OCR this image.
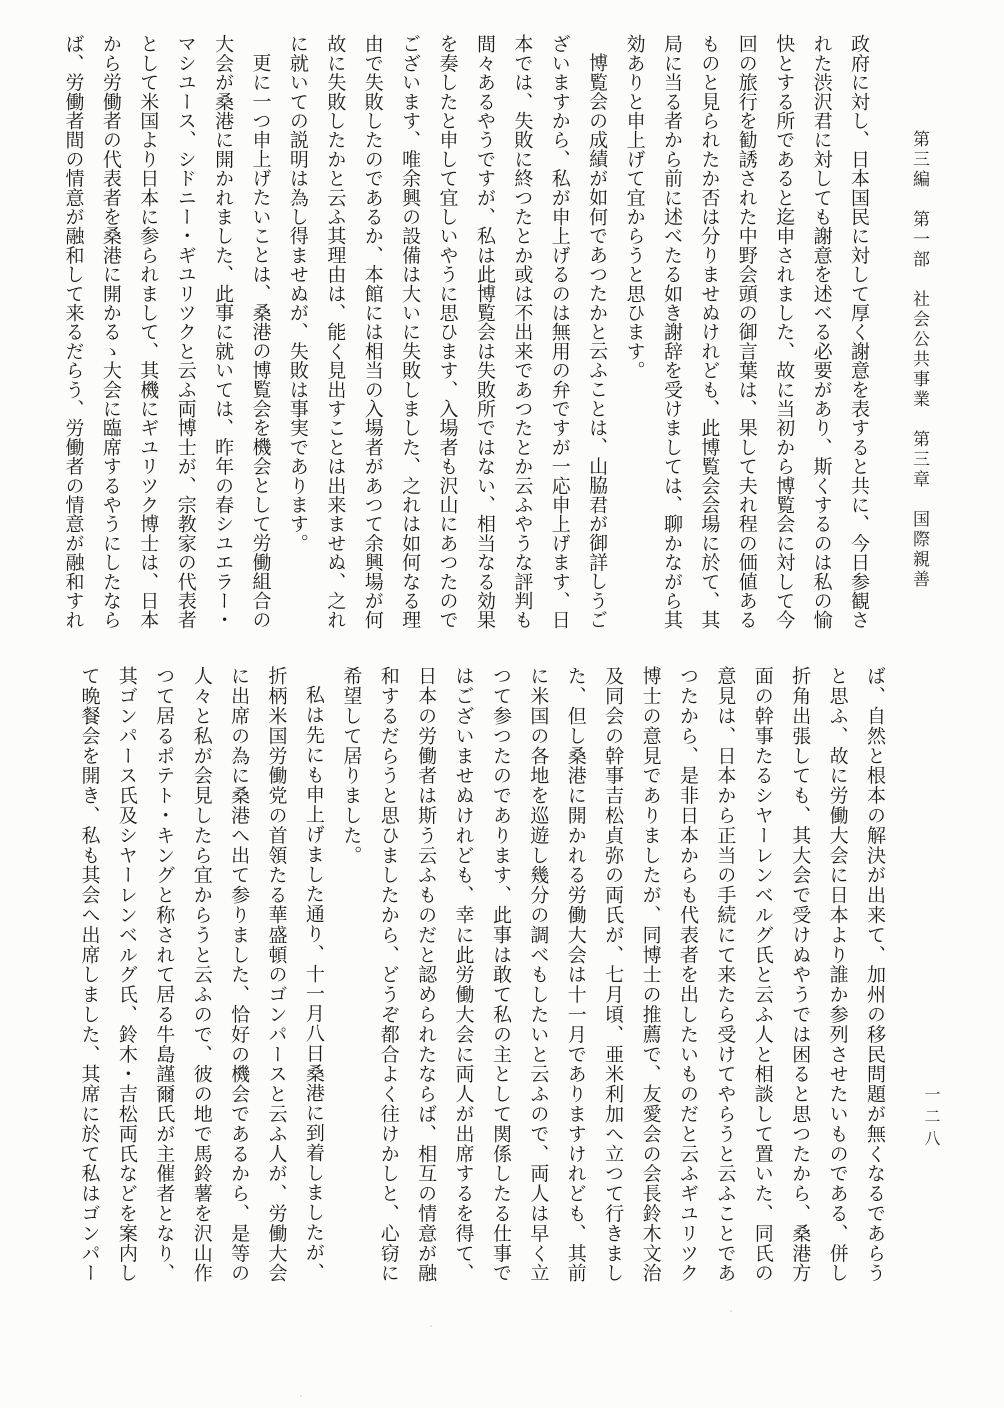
第三編　第一部　社会公共事業　第三章　国際親善
一二八

政府に対し、日本国民に対して厚く謝意を表すると共に、今日参観された渋沢君に対しても謝意を述べる必要があり、斯くするのは私の愉快とする所であると迄申されました、故に当初から博覧会に対して今回の旅行を勧誘された中野会頭の御言葉は、果して夫れ程の価値あるものと見られたか否は分りませぬけれども、此博覧会会場に於て、其局に当る者から前に述べたる如き謝辞を受けましては、聊かながら其効ありと申上げて宜からうと思ひます。

博覧会の成績が如何であつたかと云ふことは、山脇君が御詳しうございますから、私が申上げるのは無用の弁ですが一応申上げます、日本では、失敗に終つたとか或は不出来であつたとか云ふやうな評判も間々あるやうですが、私は此博覧会は失敗所ではない、相当なる効果を奏したと申して宜しいやうに思ひます、入場者も沢山にあつたのでございます、唯余興の設備は大いに失敗しました、之れは如何なる理由で失敗したのであるか、本館には相当の入場者があつて余興場が何故に失敗したかと云ふ其理由は、能く見出すことは出来ませぬ、之れに就いての説明は為し得ませぬが、失敗は事実であります。

更に一つ申上げたいことは、桑港の博覧会を機会として労働組合の大会が桑港に開かれました、此事に就いては、昨年の春シユエラー・マシユース、シドニー・ギユリツクと云ふ両博士が、宗教家の代表者として米国より日本に参られまして、其機にギユリツク博士は、日本から労働者の代表者を桑港に開かるゝ大会に臨席するやうにしたならば、労働者間の情意が融和して来るだらう、労働者の情意が融和すれ

ば、自然と根本の解決が出来て、加州の移民問題が無くなるであらうと思ふ、故に労働大会に日本より誰か参列させたいものである、併し折角出張しても、其大会で受けぬやうでは困ると思つたから、桑港方面の幹事たるシヤーレンベルグ氏と云ふ人と相談して置いた、同氏の意見は、日本から正当の手続にて来たら受けてやらうと云ふことであつたから、是非日本からも代表者を出したいものだと云ふギユリツク博士の意見でありましたが、同博士の推薦で、友愛会の会長鈴木文治及同会の幹事吉松貞弥の両氏が、七月頃、亜米利加へ立つて行きました、但し桑港に開かれる労働大会は十一月でありますけれども、其前に米国の各地を巡遊し幾分の調べもしたいと云ふので、両人は早く立つて参つたのであります、此事は敢て私の主として関係したる仕事ではございませぬけれども、幸に此労働大会に両人が出席するを得て、日本の労働者は斯う云ふものだと認められたならば、相互の情意が融和するだらうと思ひましたから、どうぞ都合よく往けかしと、心窃に希望して居りました。

私は先にも申上げました通り、十一月八日桑港に到着しましたが、折柄米国労働党の首領たる華盛頓のゴンパースと云ふ人が、労働大会に出席の為に桑港へ出て参りました、恰好の機会であるから、是等の人々と私が会見したら宜からうと云ふので、彼の地で馬鈴薯を沢山作つて居るポテト・キングと称されて居る牛島謹爾氏が主催者となり、其ゴンパース氏及シヤーレンベルグ氏、鈴木・吉松両氏などを案内して晩餐会を開き、私も其会へ出席しました、其席に於て私はゴンパー
